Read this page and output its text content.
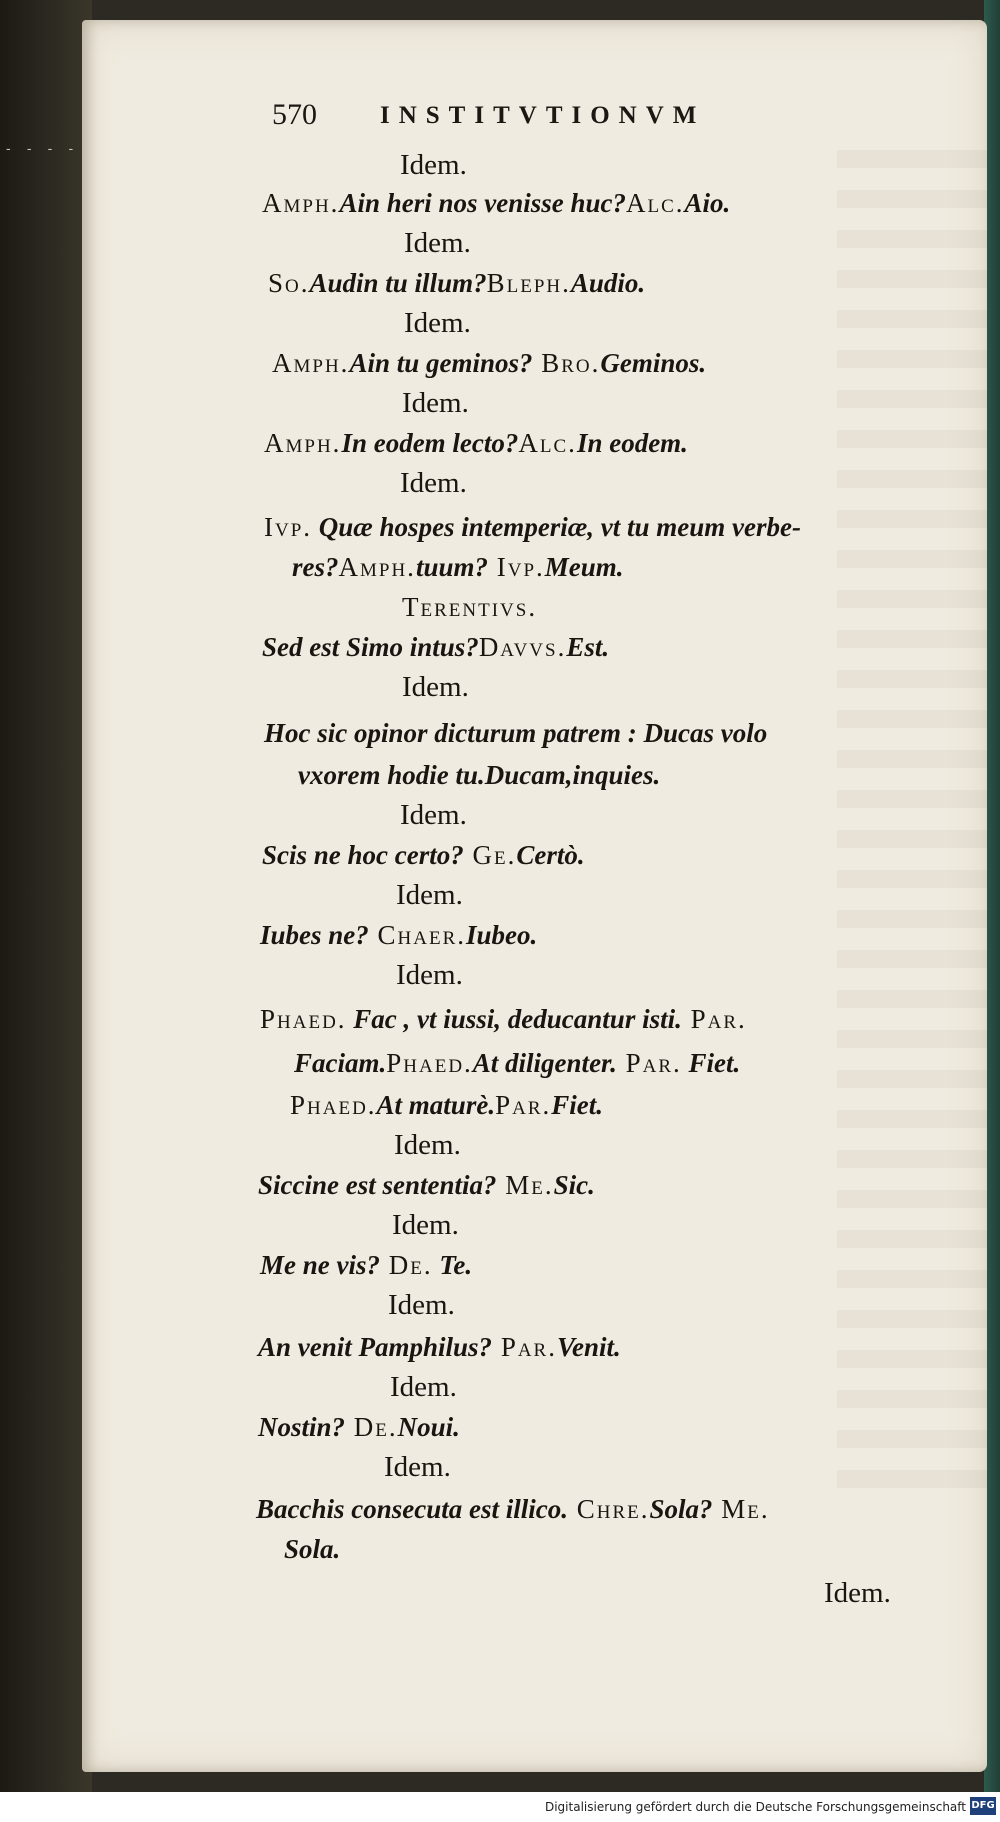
- - - -
570	INSTITVTIONVM
Idem.
Amph.Ain heri nos venisse huc?Alc.Aio.
Idem.
So.Audin tu illum?Bleph.Audio.
Idem.
Amph.Ain tu geminos? Bro.Geminos.
Idem.
Amph.In eodem lecto?Alc.In eodem.
Idem.
Ivp. Quæ hospes intemperiæ, vt tu meum verbe-
res?Amph.tuum? Ivp.Meum.
Terentivs.
Sed est Simo intus?Davvs.Est.
Idem.
Hoc sic opinor dicturum patrem : Ducas volo
vxorem hodie tu.Ducam,inquies.
Idem.
Scis ne hoc certo? Ge.Certò.
Idem.
Iubes ne? Chaer.Iubeo.
Idem.
Phaed. Fac , vt iussi, deducantur isti. Par.
Faciam.Phaed.At diligenter. Par. Fiet.
Phaed.At maturè.Par.Fiet.
Idem.
Siccine est sententia? Me.Sic.
Idem.
Me ne vis? De. Te.
Idem.
An venit Pamphilus? Par.Venit.
Idem.
Nostin? De.Noui.
Idem.
Bacchis consecuta est illico. Chre.Sola? Me.
Sola.
Idem.
Digitalisierung gefördert durch die Deutsche Forschungsgemeinschaft DFG
